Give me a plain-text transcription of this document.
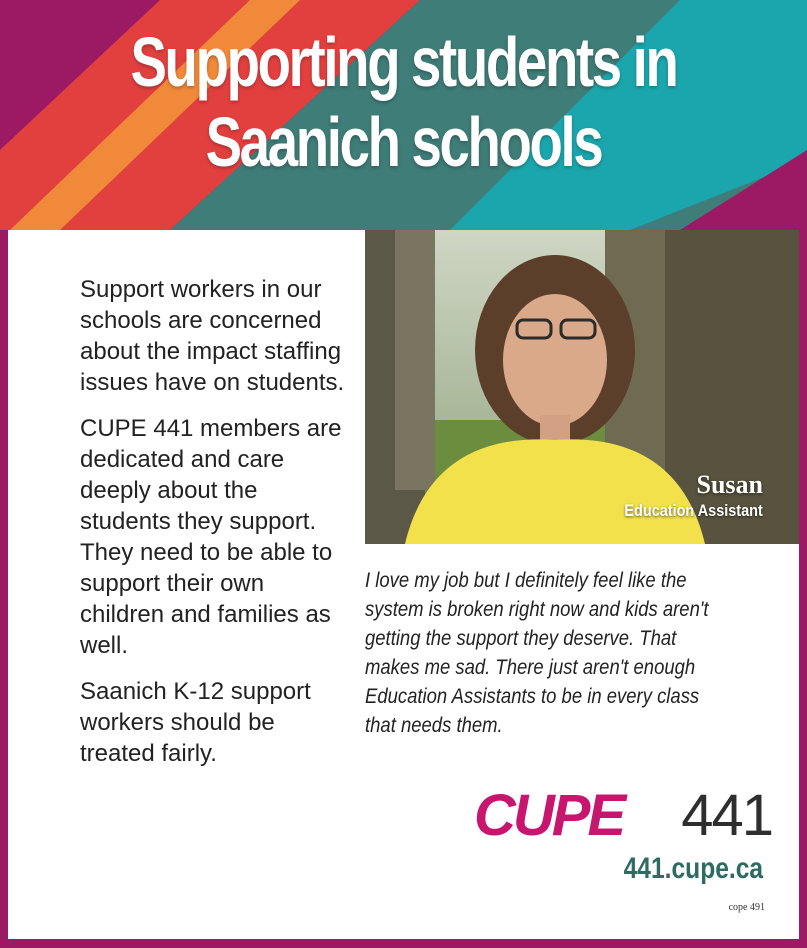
Supporting students in
Saanich schools

Support workers in our schools are concerned about the impact staffing issues have on students.

CUPE 441 members are dedicated and care deeply about the students they support. They need to be able to support their own children and families as well.

Saanich K-12 support workers should be treated fairly.

Susan
Education Assistant
I love my job but I definitely feel like the system is broken right now and kids aren't getting the support they deserve. That makes me sad. There just aren't enough Education Assistants to be in every class that needs them.
CUPE 441
441.cupe.ca
cope 491
